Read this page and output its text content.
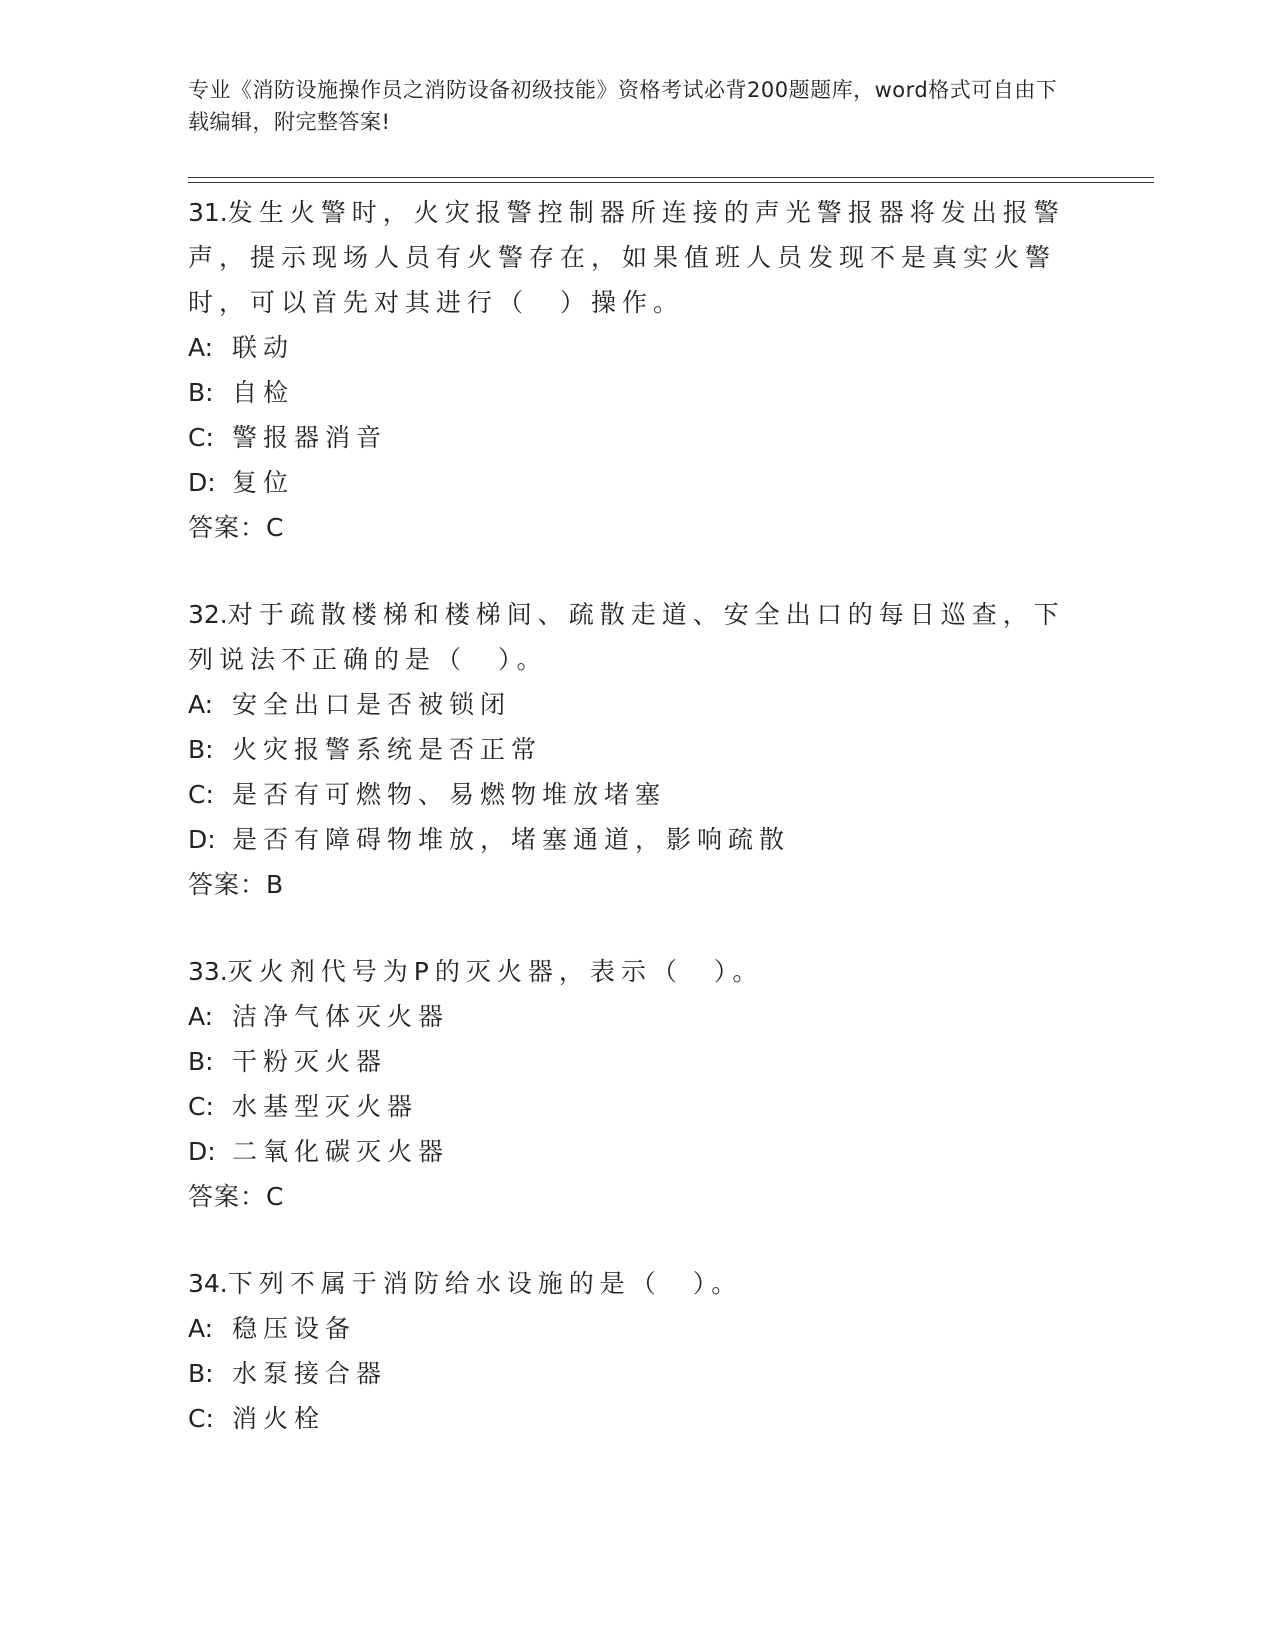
专业《消防设施操作员之消防设备初级技能》资格考试必背200题题库，word格式可自由下载编辑，附完整答案!

31.发生火警时，火灾报警控制器所连接的声光警报器将发出报警声，提示现场人员有火警存在，如果值班人员发现不是真实火警时，可以首先对其进行（　）操作。

A: 联动

B: 自检

C: 警报器消音

D: 复位

答案：C

32.对于疏散楼梯和楼梯间、疏散走道、安全出口的每日巡查，下列说法不正确的是（　）。

A: 安全出口是否被锁闭

B: 火灾报警系统是否正常

C: 是否有可燃物、易燃物堆放堵塞

D: 是否有障碍物堆放，堵塞通道，影响疏散

答案：B

33.灭火剂代号为P的灭火器，表示（　）。

A: 洁净气体灭火器

B: 干粉灭火器

C: 水基型灭火器

D: 二氧化碳灭火器

答案：C

34.下列不属于消防给水设施的是（　）。

A: 稳压设备

B: 水泵接合器

C: 消火栓
